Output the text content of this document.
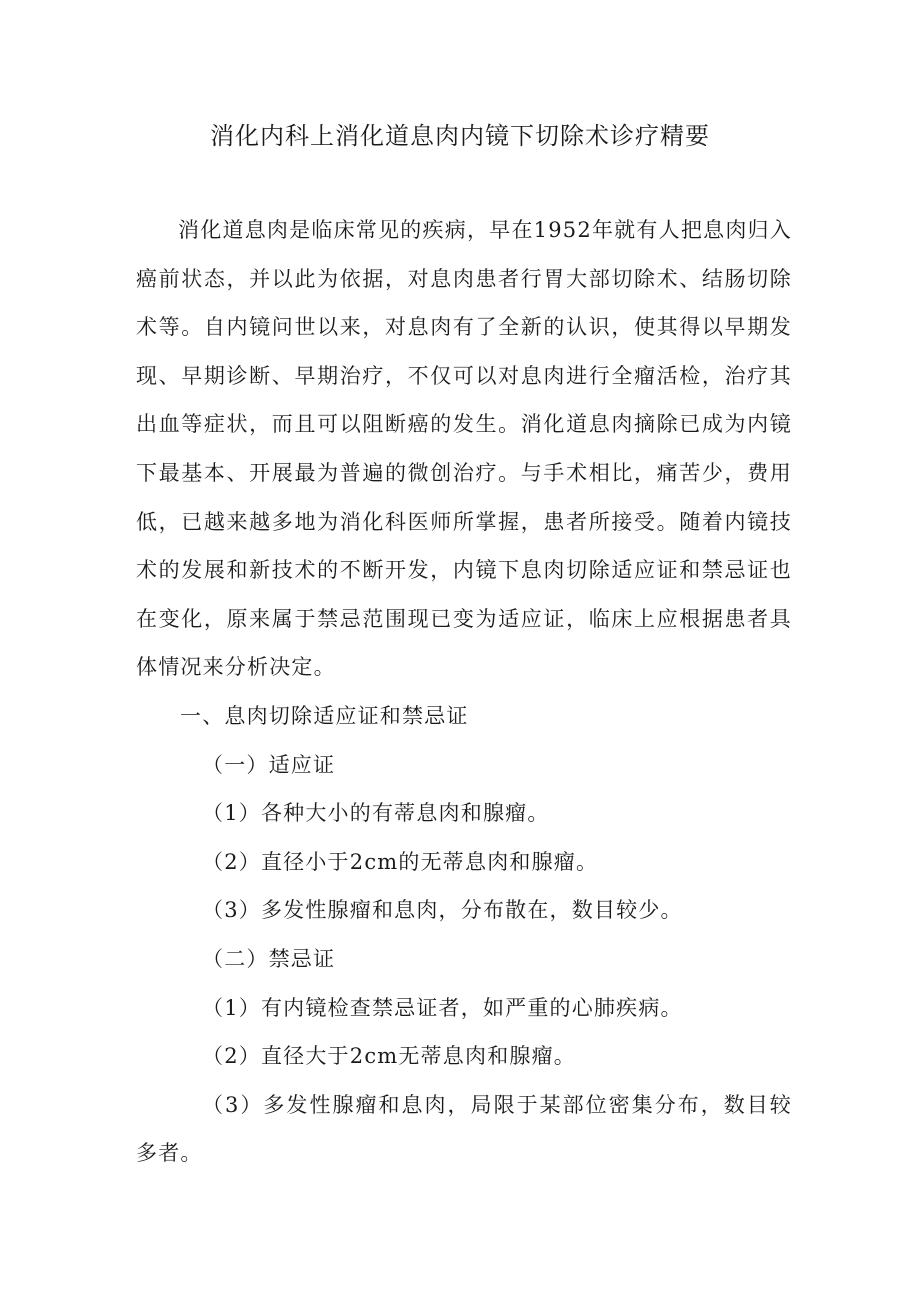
消化内科上消化道息肉内镜下切除术诊疗精要

消化道息肉是临床常见的疾病，早在1952年就有人把息肉归入癌前状态，并以此为依据，对息肉患者行胃大部切除术、结肠切除术等。自内镜问世以来，对息肉有了全新的认识，使其得以早期发现、早期诊断、早期治疗，不仅可以对息肉进行全瘤活检，治疗其出血等症状，而且可以阻断癌的发生。消化道息肉摘除已成为内镜下最基本、开展最为普遍的微创治疗。与手术相比，痛苦少，费用低，已越来越多地为消化科医师所掌握，患者所接受。随着内镜技术的发展和新技术的不断开发，内镜下息肉切除适应证和禁忌证也在变化，原来属于禁忌范围现已变为适应证，临床上应根据患者具体情况来分析决定。

一、息肉切除适应证和禁忌证

（一）适应证

（1）各种大小的有蒂息肉和腺瘤。

（2）直径小于2cm的无蒂息肉和腺瘤。

（3）多发性腺瘤和息肉，分布散在，数目较少。

（二）禁忌证

（1）有内镜检查禁忌证者，如严重的心肺疾病。

（2）直径大于2cm无蒂息肉和腺瘤。

（3）多发性腺瘤和息肉，局限于某部位密集分布，数目较多者。
